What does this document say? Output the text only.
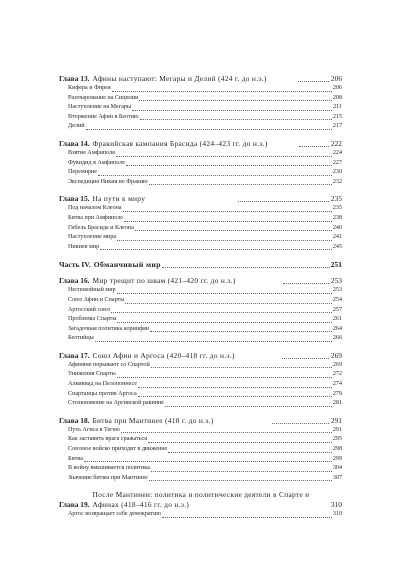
Глава 13. Афины наступают: Мегары и Делий (424 г. до н.э.)	206
Кифера и Фирея	206
Разочарование на Сицилии	208
Наступление на Мегары	211
Вторжение Афин в Беотию	215
Делий	217
Глава 14. Фракийская кампания Брасида (424–423 гг. до н.э.)	222
Взятие Амфиполя	224
Фукидид в Амфиполе	227
Перемирие	230
Экспедиция Никия во Фракию	232
Глава 15. На пути к миру	235
Под началом Клеона	235
Битва при Амфиполе	238
Гибель Брасида и Клеона	240
Наступление мира	241
Никиев мир	245
Часть IV. Обманчивый мир	251
Глава 16. Мир трещит по швам (421–420 гг. до н.э.)	253
Неспокойный мир	253
Союз Афин и Спарты	254
Аргосский союз	257
Проблемы Спарты	261
Загадочная политика коринфян	264
Беотийцы	266
Глава 17. Союз Афин и Аргоса (420–418 гг. до н.э.)	269
Афиняне порывают со Спартой	269
Унижения Спарты	272
Алкивиад на Пелопоннесе	274
Спартанцы против Аргоса	279
Столкновение на Аргивской равнине	281
Глава 18. Битва при Мантинее (418 г. до н.э.)	291
Путь Агиса в Тегею	291
Как заставить врага сражаться	295
Союзное войско приходит в движение	298
Битва	299
В войну вмешивается политика	304
Значение битвы при Мантинее	307
Глава 19.
После Мантинеи: политика и политические деятели в Спарте и Афинах (418–416 гг. до н.э.)	310
Аргос возвращает себе демократию	310
